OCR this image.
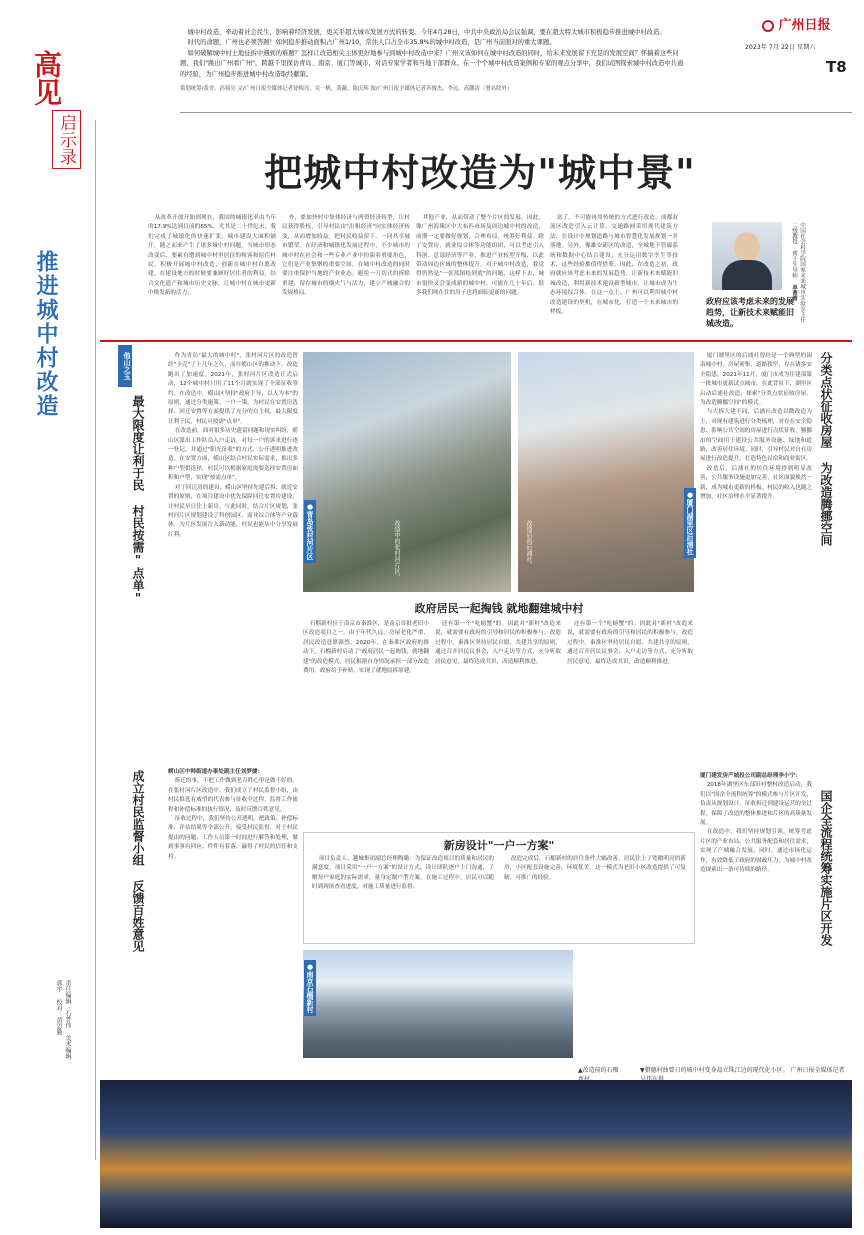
广州日报
2023年 7月 22日 星期六
T8
高见
启示录

城中村改造，牵动着社会民生，影响着经济发展，更关乎超大城市发展方式的转变。今年4月28日，中共中央政治局会议强调，要在超大特大城市积极稳步推进城中村改造。

时代的命题，广州也必须答题！如何稳步推动面积占广州1/10，常住人口占全市35.8%的城中村改造，是广州当前面对的重大课题。

如何破解城中村土地征拆中遇到的难题？怎样让改造相关主体更好地参与到城中村改造中来？广州又该如何在城中村改造的同时，给未来发展留下充足的发展空间？怀揣着这些问题，我们"跳出广州看广州"，跨越千里探访青岛、南京、厦门等城市，对话专家学者和当地干部群众。在一个个城中村改造案例和专家的观点分享中，我们试图探索城中村改造中共通的经验，为广州稳步推进城中村改造取经献策。

策划统筹/黄舍、孙锦亮 文/广州日报全媒体记者徐梅亮、吴一帆、黄蔽、陈庆辉 图/广州日报全媒体记者苏俊杰、李远、高鹏涛（署名除外）

把城中村改造为"城中景"
推进城中村改造

从改革开放开始到现在，我国的城镇化率由当年的17.9%达到目前的65%，尤其是二十世纪末，我们完成了城镇化的快速扩张，城市建设大面积铺开，随之而来产生了诸多城中村问题。当城市形态改变后，要素有遭到城中村里居住的租客和原住村民，积极开展城中村改造，创新在城中村自愿改建，在建设地方的时候要兼顾好居住者的利益，结合文化遗产和城市历史文脉，让城中村在城市更新中焕发新的活力。

外，要加快村中集体经济与两资经济转型，让村民获得股权，引导村民由"出租经济"向实体经济转变，从而增加收益，把村民收益留下，一同共享城市繁荣。在经济和城镇化发展过程中，不少城市的城中村在社会和一些专业产业中扮演着重要角色，它们是产业集聚的重要空间，在城中村改造的同时要注重保护当地的产业业态，避免一刀切式的拆除重建，留存城市的烟火气与活力，建立产城融合的发展格局。

其他产业，从而带动了整个片区的发展。因此，像广州海珠区中大布匹市场及周边城中村的改造，前期一定要做好规划，合理布局，统筹好利益。除了安置房、就业综合体等功能组团，可以考虑引入科创、总部经济等产业，推进产业转型升级，以此带动周边区域的整体提升。对于城中村改造，我觉得仍然是"一张蓝图绘到底"的问题，这样下去，城市很快又会变成新的城中村。可能在几十年后，很多我们现在住的房子也将面临更新的问题。

富了，不可能再用传统的方式进行改造。成都双流区改造引入云计算，交通路网采用现代建筑方法，在设计中规划道路与城市智慧化发展规划一并落地。另外，像雄安新区的改造，全城地下管廊系统和数据中心结合建设，充分运用数字孪生等技术，这些经验都值得借鉴。因此，在改造之初，政府就应该考虑未来的发展趋势，让新技术来赋能旧城改造，利用新技术建设新型城市，让城市成为生态环境综合体。在这一点上，广州可以利用城中村改造建设的契机，在城市化，打造一个未来城市的样板。	中国社会科学院国家未来城市实验室主任 二级教授 博士生导师 单菁菁
政府应该考虑未来的发展趋势，让新技术来赋能旧城改造。
他山之玉
最大限度让利于民 村民按需"点单"	分类点状征收房屋 为改造腾挪空间

作为青岛"最大的城中村"，张村河片区的改造曾经"卡壳"了十几年之久，而在崂山区的推动下，改造跑出了加速度。2021年，张村河片区改造正式启动，12个城中村只用了11个月就实现了全部征收签约。在改造中，崂山区坚持"政府主导，以人为本"的原则，通过分类施策、一户一策，为村民在安置房选择、回迁安置等方面提供了充分的自主权，最大限度让利于民，村民可按需"点单"。

在改造前，面对很多历史遗留问题和现实纠纷，崂山区派出工作队员入户走访，对每一户的诉求进行逐一登记，并通过"阳光征收"的方式，公开透明推进改造。在安置方面，崂山区结合村民实际需求，推出多种户型供选择，村民可以根据家庭需要选择安置房面积和户型，实现"按需点单"。

对于回迁房的建设，崂山区坚持先建后拆、就近安置的原则，在项目建设中优先保障回迁安置房建设，让村民早日住上新房。与此同时，结合片区规划，张村河片区规划建设了科创园区、商业综合体等产业载体，为片区发展注入新动能，村民也能从中分享发展红利。	改造中的张村河片区。
●青岛张村河片区	改造后的后浦社。
●厦门湖里区后浦社

厦门湖里区的后浦社曾经是一个典型的闽南城中村，房屋密集、道路狭窄，存在诸多安全隐患。2021年11月，厦门市成为住建部第一批城市更新试点城市。在此背景下，湖里区启动后浦社改造，探索"分类点状征收房屋、为改造腾挪空间"的模式。

与大拆大建不同，后浦社改造以微改造为主，对现有建筑进行分类梳理，对存在安全隐患、影响公共空间的房屋进行点状征收，腾挪出的空间用于建设公共服务设施、绿地和道路，改善居住环境。同时，引导村民对自有房屋进行改造提升，打造特色民宿和商业街区。

改造后，后浦社的居住环境得到明显改善，公共服务设施更加完善，社区面貌焕然一新，成为城市更新的样板。村民的收入也随之增加，社区治理水平显著提升。

政府居民一起掏钱 就地翻建城中村

石榴新村位于南京市秦淮区，是南京首批老旧小区改造项目之一。由于年代久远，房屋老化严重，居民改造意愿强烈。2020年，在秦淮区政府的推动下，石榴新村启动了"政府居民一起掏钱，就地翻建"的改造模式，居民根据自身情况承担一部分改造费用，政府给予补贴，实现了就地原拆原建。

还有第一个"吃螃蟹"的。因此对"新村"改造来说，就需要有政府的引导和居民的积极参与。改造过程中，秦淮区坚持居民自愿、共建共享的原则，通过召开居民议事会、入户走访等方式，充分听取居民意见，最终达成共识，改造顺利推进。

还有第一个"吃螃蟹"的。因此对"新村"改造来说，就需要有政府的引导和居民的积极参与。改造过程中，秦淮区坚持居民自愿、共建共享的原则，通过召开居民议事会、入户走访等方式，充分听取居民意见，最终达成共识，改造顺利推进。

新房设计"一户一方案"

项目负责人、越城集团副总经理陶璐：为保证改造项目的质量和居民的满意度，项目采用"一户一方案"的设计方式，设计团队逐户上门沟通，了解每户家庭的实际需求，量身定制户型方案。在施工过程中，居民可以随时到现场查看进度，对施工质量进行监督。

改造完成后，石榴新村的居住条件大幅改善，居民住上了宽敞明亮的新房，小区配套设施完善，环境优美。这一模式为老旧小区改造提供了可复制、可推广的经验。

成立村民监督小组 反馈百姓意见	崂山区中韩街道办事处副主任刘梦捷：

拆迁的事，不把工作做到老百姓心里是做不好的。在张村河片区改造中，我们成立了村民监督小组，由村民推选有威望的代表参与征收全过程，监督工作流程和补偿标准的执行情况，及时反馈百姓意见。

征收过程中，我们坚持公开透明，把政策、补偿标准、评估结果等全部公开，接受村民监督。对于村民提出的问题，工作人员第一时间进行解答和处理，做到事事有回应、件件有着落，赢得了村民的信任和支持。	国企全流程统筹实施片区开发

厦门建发房产城投公司副总经理李小宁：

2018年湖里区东部旧村整村改造启动，我们以"国企全流程统筹"的模式参与片区开发，负责从规划设计、征收拆迁到建设运营的全过程，保障了改造的整体推进和片区的高质量发展。

在改造中，我们坚持规划引领，统筹考虑片区的产业布局、公共服务配套和居住需求，实现了产城融合发展。同时，通过市场化运作，有效降低了政府的财政压力，为城中村改造探索出一条可持续的路径。

●南京石榴新村
▲改造前的石榴	▼猎德村曲曾日的城中村变身晶立珠江边的现代化小区。 广州日报全媒体记者
责任编辑：石普伟 美术编辑：郭宇 校对：黄思勤
